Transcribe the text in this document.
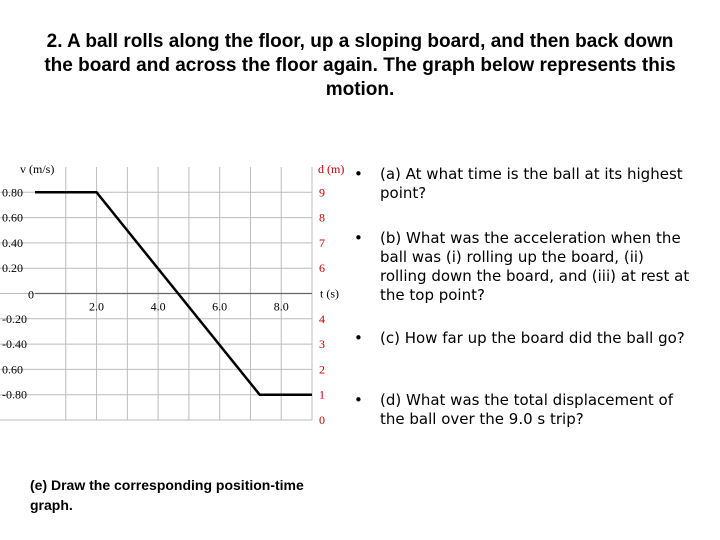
2. A ball rolls along the floor, up a sloping board, and then back down
the board and across the floor again. The graph below represents this
motion.
v (m/s)	d (m)
t (s)
0.80
0.60
0.40
0.20
0
-0.20
-0.40
0.60
-0.80
9
8
7
6
4
3
2
1
0
2.0	4.0	6.0	8.0
• (a) At what time is the ball at its highest point?
• (b) What was the acceleration when the ball was (i) rolling up the board, (ii) rolling down the board, and (iii) at rest at the top point?
• (c) How far up the board did the ball go?
• (d) What was the total displacement of the ball over the 9.0 s trip?
(e) Draw the corresponding position-time graph.
